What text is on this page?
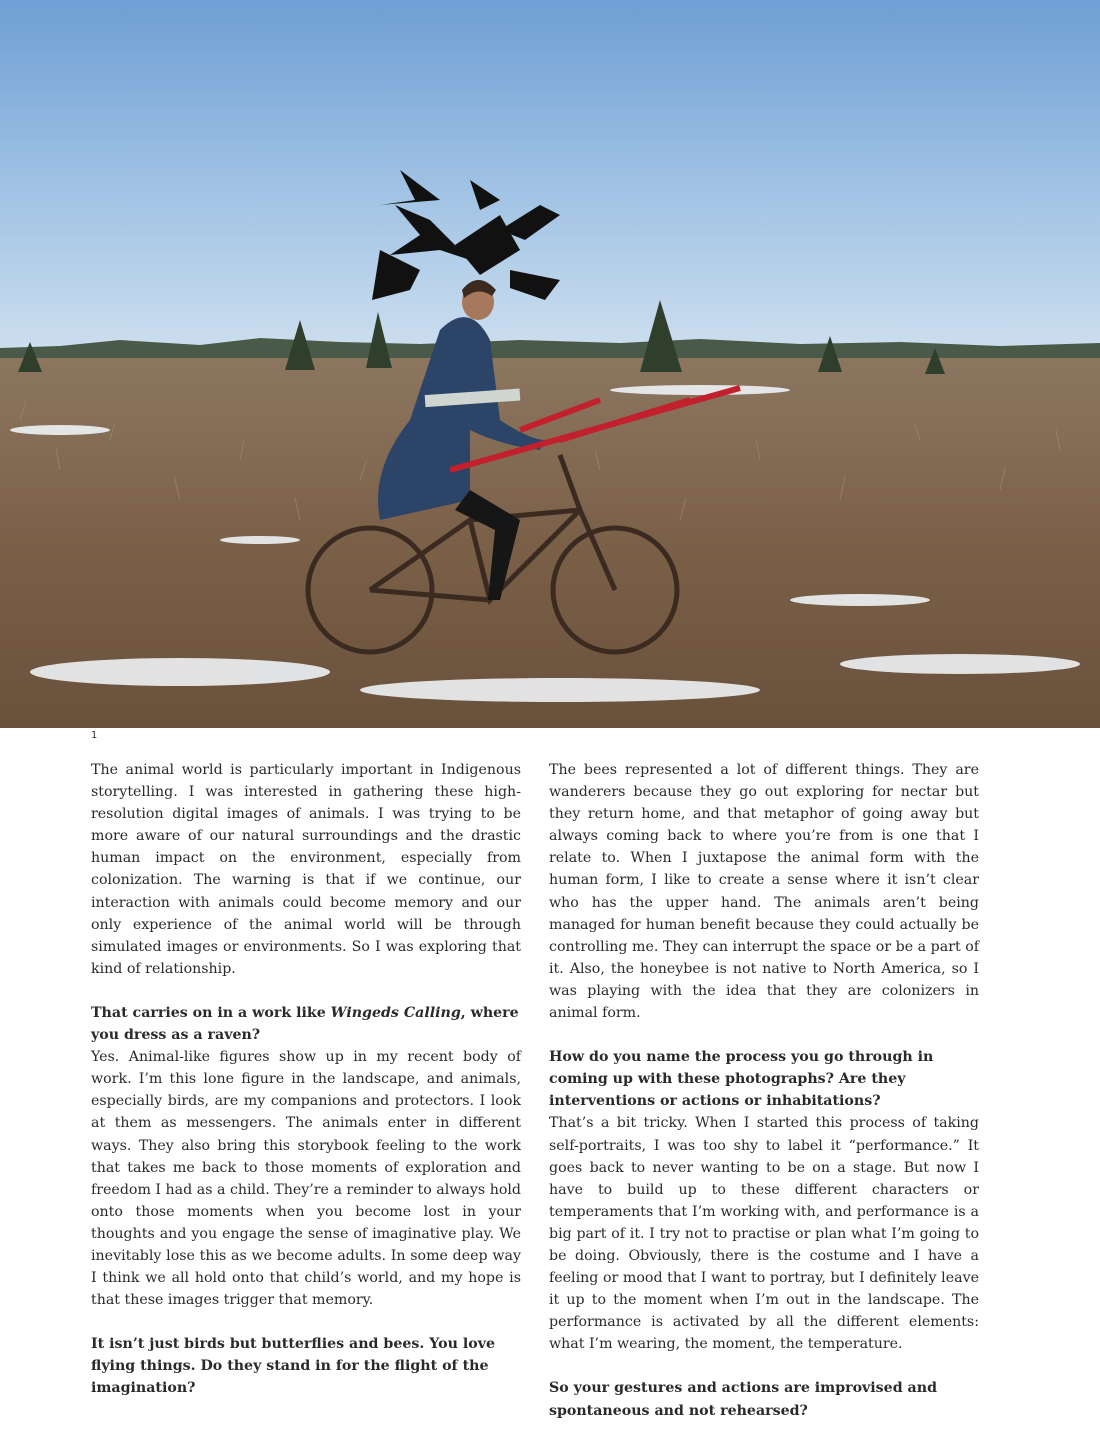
1

The animal world is particularly important in Indigenous storytelling. I was interested in gathering these high-resolution digital images of animals. I was trying to be more aware of our natural surroundings and the drastic human impact on the environment, especially from colonization. The warning is that if we continue, our interaction with animals could become memory and our only experience of the animal world will be through simulated images or environments. So I was exploring that kind of relationship.

That carries on in a work like Wingeds Calling, where you dress as a raven?

Yes. Animal-like figures show up in my recent body of work. I’m this lone figure in the landscape, and animals, especially birds, are my companions and protectors. I look at them as messengers. The animals enter in different ways. They also bring this storybook feeling to the work that takes me back to those moments of exploration and freedom I had as a child. They’re a reminder to always hold onto those moments when you become lost in your thoughts and you engage the sense of imaginative play. We inevitably lose this as we become adults. In some deep way I think we all hold onto that child’s world, and my hope is that these images trigger that memory.

It isn’t just birds but butterflies and bees. You love flying things. Do they stand in for the flight of the imagination?

The bees represented a lot of different things. They are wanderers because they go out exploring for nectar but they return home, and that metaphor of going away but always coming back to where you’re from is one that I relate to. When I juxtapose the animal form with the human form, I like to create a sense where it isn’t clear who has the upper hand. The animals aren’t being managed for human benefit because they could actually be controlling me. They can interrupt the space or be a part of it. Also, the honeybee is not native to North America, so I was playing with the idea that they are colonizers in animal form.

How do you name the process you go through in coming up with these photographs? Are they interventions or actions or inhabitations?

That’s a bit tricky. When I started this process of taking self-portraits, I was too shy to label it “performance.” It goes back to never wanting to be on a stage. But now I have to build up to these different characters or temperaments that I’m working with, and performance is a big part of it. I try not to practise or plan what I’m going to be doing. Obviously, there is the costume and I have a feeling or mood that I want to portray, but I definitely leave it up to the moment when I’m out in the landscape. The performance is activated by all the different elements: what I’m wearing, the moment, the temperature.

So your gestures and actions are improvised and spontaneous and not rehearsed?
